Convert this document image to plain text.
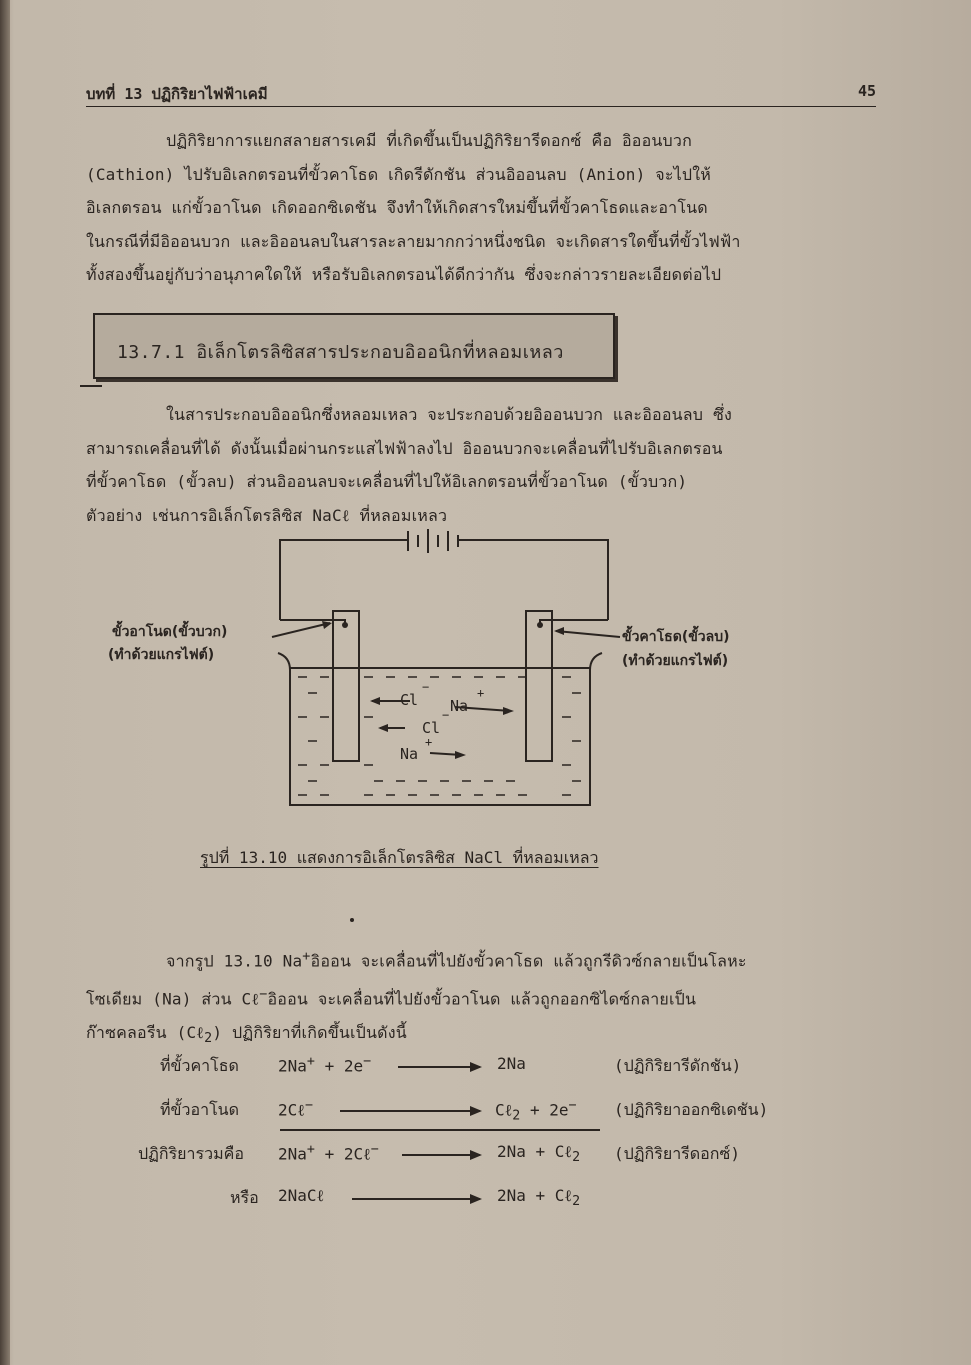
บทที่ 13 ปฏิกิริยาไฟฟ้าเคมี	45
ปฏิกิริยาการแยกสลายสารเคมี ที่เกิดขึ้นเป็นปฏิกิริยารีดอกซ์ คือ อิออนบวก
(Cathion) ไปรับอิเลกตรอนที่ขั้วคาโธด เกิดรีดักชัน ส่วนอิออนลบ (Anion) จะไปให้
อิเลกตรอน แก่ขั้วอาโนด เกิดออกซิเดชัน จึงทำให้เกิดสารใหม่ขึ้นที่ขั้วคาโธดและอาโนด
ในกรณีที่มีอิออนบวก และอิออนลบในสารละลายมากกว่าหนึ่งชนิด จะเกิดสารใดขึ้นที่ขั้วไฟฟ้า
ทั้งสองขึ้นอยู่กับว่าอนุภาคใดให้ หรือรับอิเลกตรอนได้ดีกว่ากัน ซึ่งจะกล่าวรายละเอียดต่อไป
13.7.1 อิเล็กโตรลิซิสสารประกอบอิออนิกที่หลอมเหลว
ในสารประกอบอิออนิกซึ่งหลอมเหลว จะประกอบด้วยอิออนบวก และอิออนลบ ซึ่ง
สามารถเคลื่อนที่ได้ ดังนั้นเมื่อผ่านกระแสไฟฟ้าลงไป อิออนบวกจะเคลื่อนที่ไปรับอิเลกตรอน
ที่ขั้วคาโธด (ขั้วลบ) ส่วนอิออนลบจะเคลื่อนที่ไปให้อิเลกตรอนที่ขั้วอาโนด (ขั้วบวก)
ตัวอย่าง เช่นการอิเล็กโตรลิซิส NaCℓ ที่หลอมเหลว
Cl
−
Na
+
Cl
−
Na
+
ขั้วอาโนด(ขั้วบวก)
(ทำด้วยแกรไฟต์)
ขั้วคาโธด(ขั้วลบ)
(ทำด้วยแกรไฟต์)
รูปที่ 13.10 แสดงการอิเล็กโตรลิซิส NaCl ที่หลอมเหลว
จากรูป 13.10 Na+อิออน จะเคลื่อนที่ไปยังขั้วคาโธด แล้วถูกรีดิวซ์กลายเป็นโลหะ
โซเดียม (Na) ส่วน Cℓ−อิออน จะเคลื่อนที่ไปยังขั้วอาโนด แล้วถูกออกซิไดซ์กลายเป็น
ก๊าซคลอรีน (Cℓ$_2$) ปฏิกิริยาที่เกิดขึ้นเป็นดังนี้
ที่ขั้วคาโธด 2Na+ + 2e−	2Na	(ปฏิกิริยารีดักชัน)
ที่ขั้วอาโนด 2Cℓ−	Cℓ$_2$ + 2e− (ปฏิกิริยาออกซิเดชัน)
ปฏิกิริยารวมคือ 2Na+ + 2Cℓ−	2Na + Cℓ$_2$ (ปฏิกิริยารีดอกซ์)
หรือ 2NaCℓ	2Na + Cℓ$_2$
